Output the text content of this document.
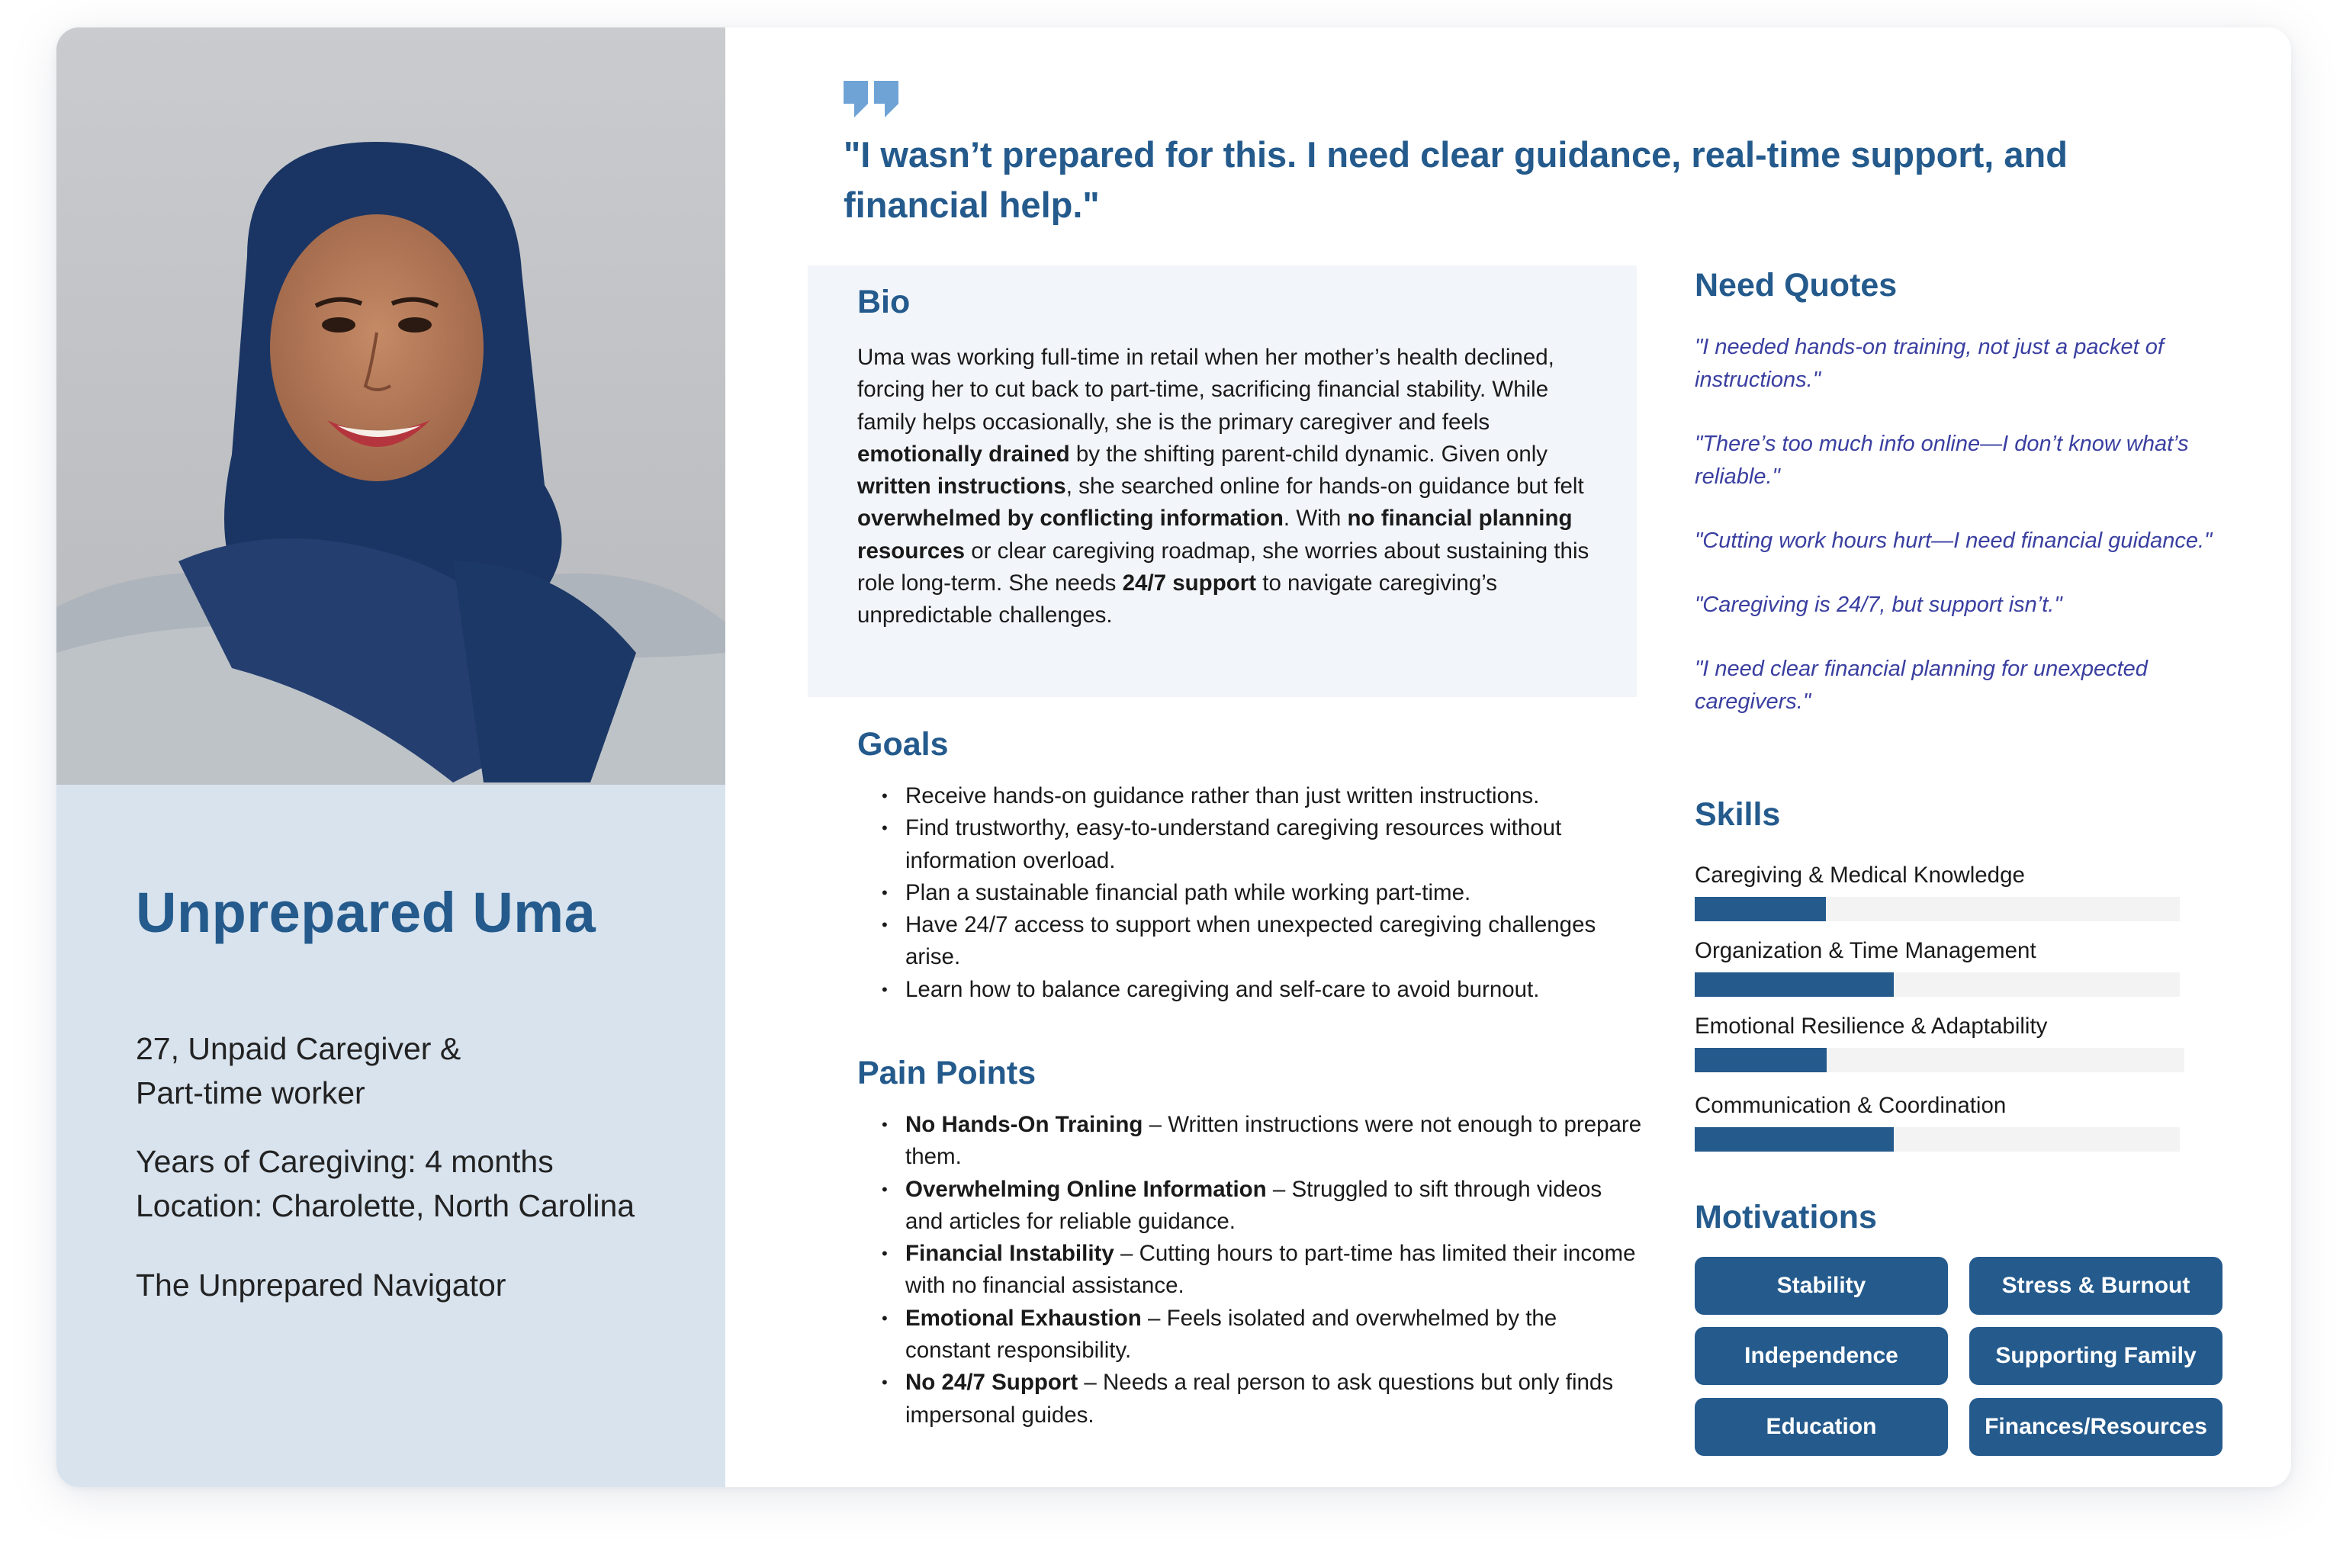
Unprepared Uma

27, Unpaid Caregiver &
Part-time worker

Years of Caregiving: 4 months
Location: Charolette, North Carolina

The Unprepared Navigator

"I wasn’t prepared for this. I need clear guidance, real-time support, and financial help."

Bio

Uma was working full-time in retail when her mother’s health declined, forcing her to cut back to part-time, sacrificing financial stability. While family helps occasionally, she is the primary caregiver and feels emotionally drained by the shifting parent-child dynamic. Given only written instructions, she searched online for hands-on guidance but felt overwhelmed by conflicting information. With no financial planning resources or clear caregiving roadmap, she worries about sustaining this role long-term. She needs 24/7 support to navigate caregiving’s unpredictable challenges.

Goals
• Receive hands-on guidance rather than just written instructions.
• Find trustworthy, easy-to-understand caregiving resources without information overload.
• Plan a sustainable financial path while working part-time.
• Have 24/7 access to support when unexpected caregiving challenges arise.
• Learn how to balance caregiving and self-care to avoid burnout.
Pain Points
• No Hands-On Training – Written instructions were not enough to prepare them.
• Overwhelming Online Information – Struggled to sift through videos and articles for reliable guidance.
• Financial Instability – Cutting hours to part-time has limited their income with no financial assistance.
• Emotional Exhaustion – Feels isolated and overwhelmed by the constant responsibility.
• No 24/7 Support – Needs a real person to ask questions but only finds impersonal guides.
Need Quotes
"I needed hands-on training, not just a packet of instructions."
"There’s too much info online—I don’t know what’s reliable."
"Cutting work hours hurt—I need financial guidance."
"Caregiving is 24/7, but support isn’t."
"I need clear financial planning for unexpected caregivers."
Skills

Caregiving & Medical Knowledge

Organization & Time Management

Emotional Resilience & Adaptability

Communication & Coordination

Motivations
Stability	Stress & Burnout
Independence	Supporting Family
Education	Finances/Resources
